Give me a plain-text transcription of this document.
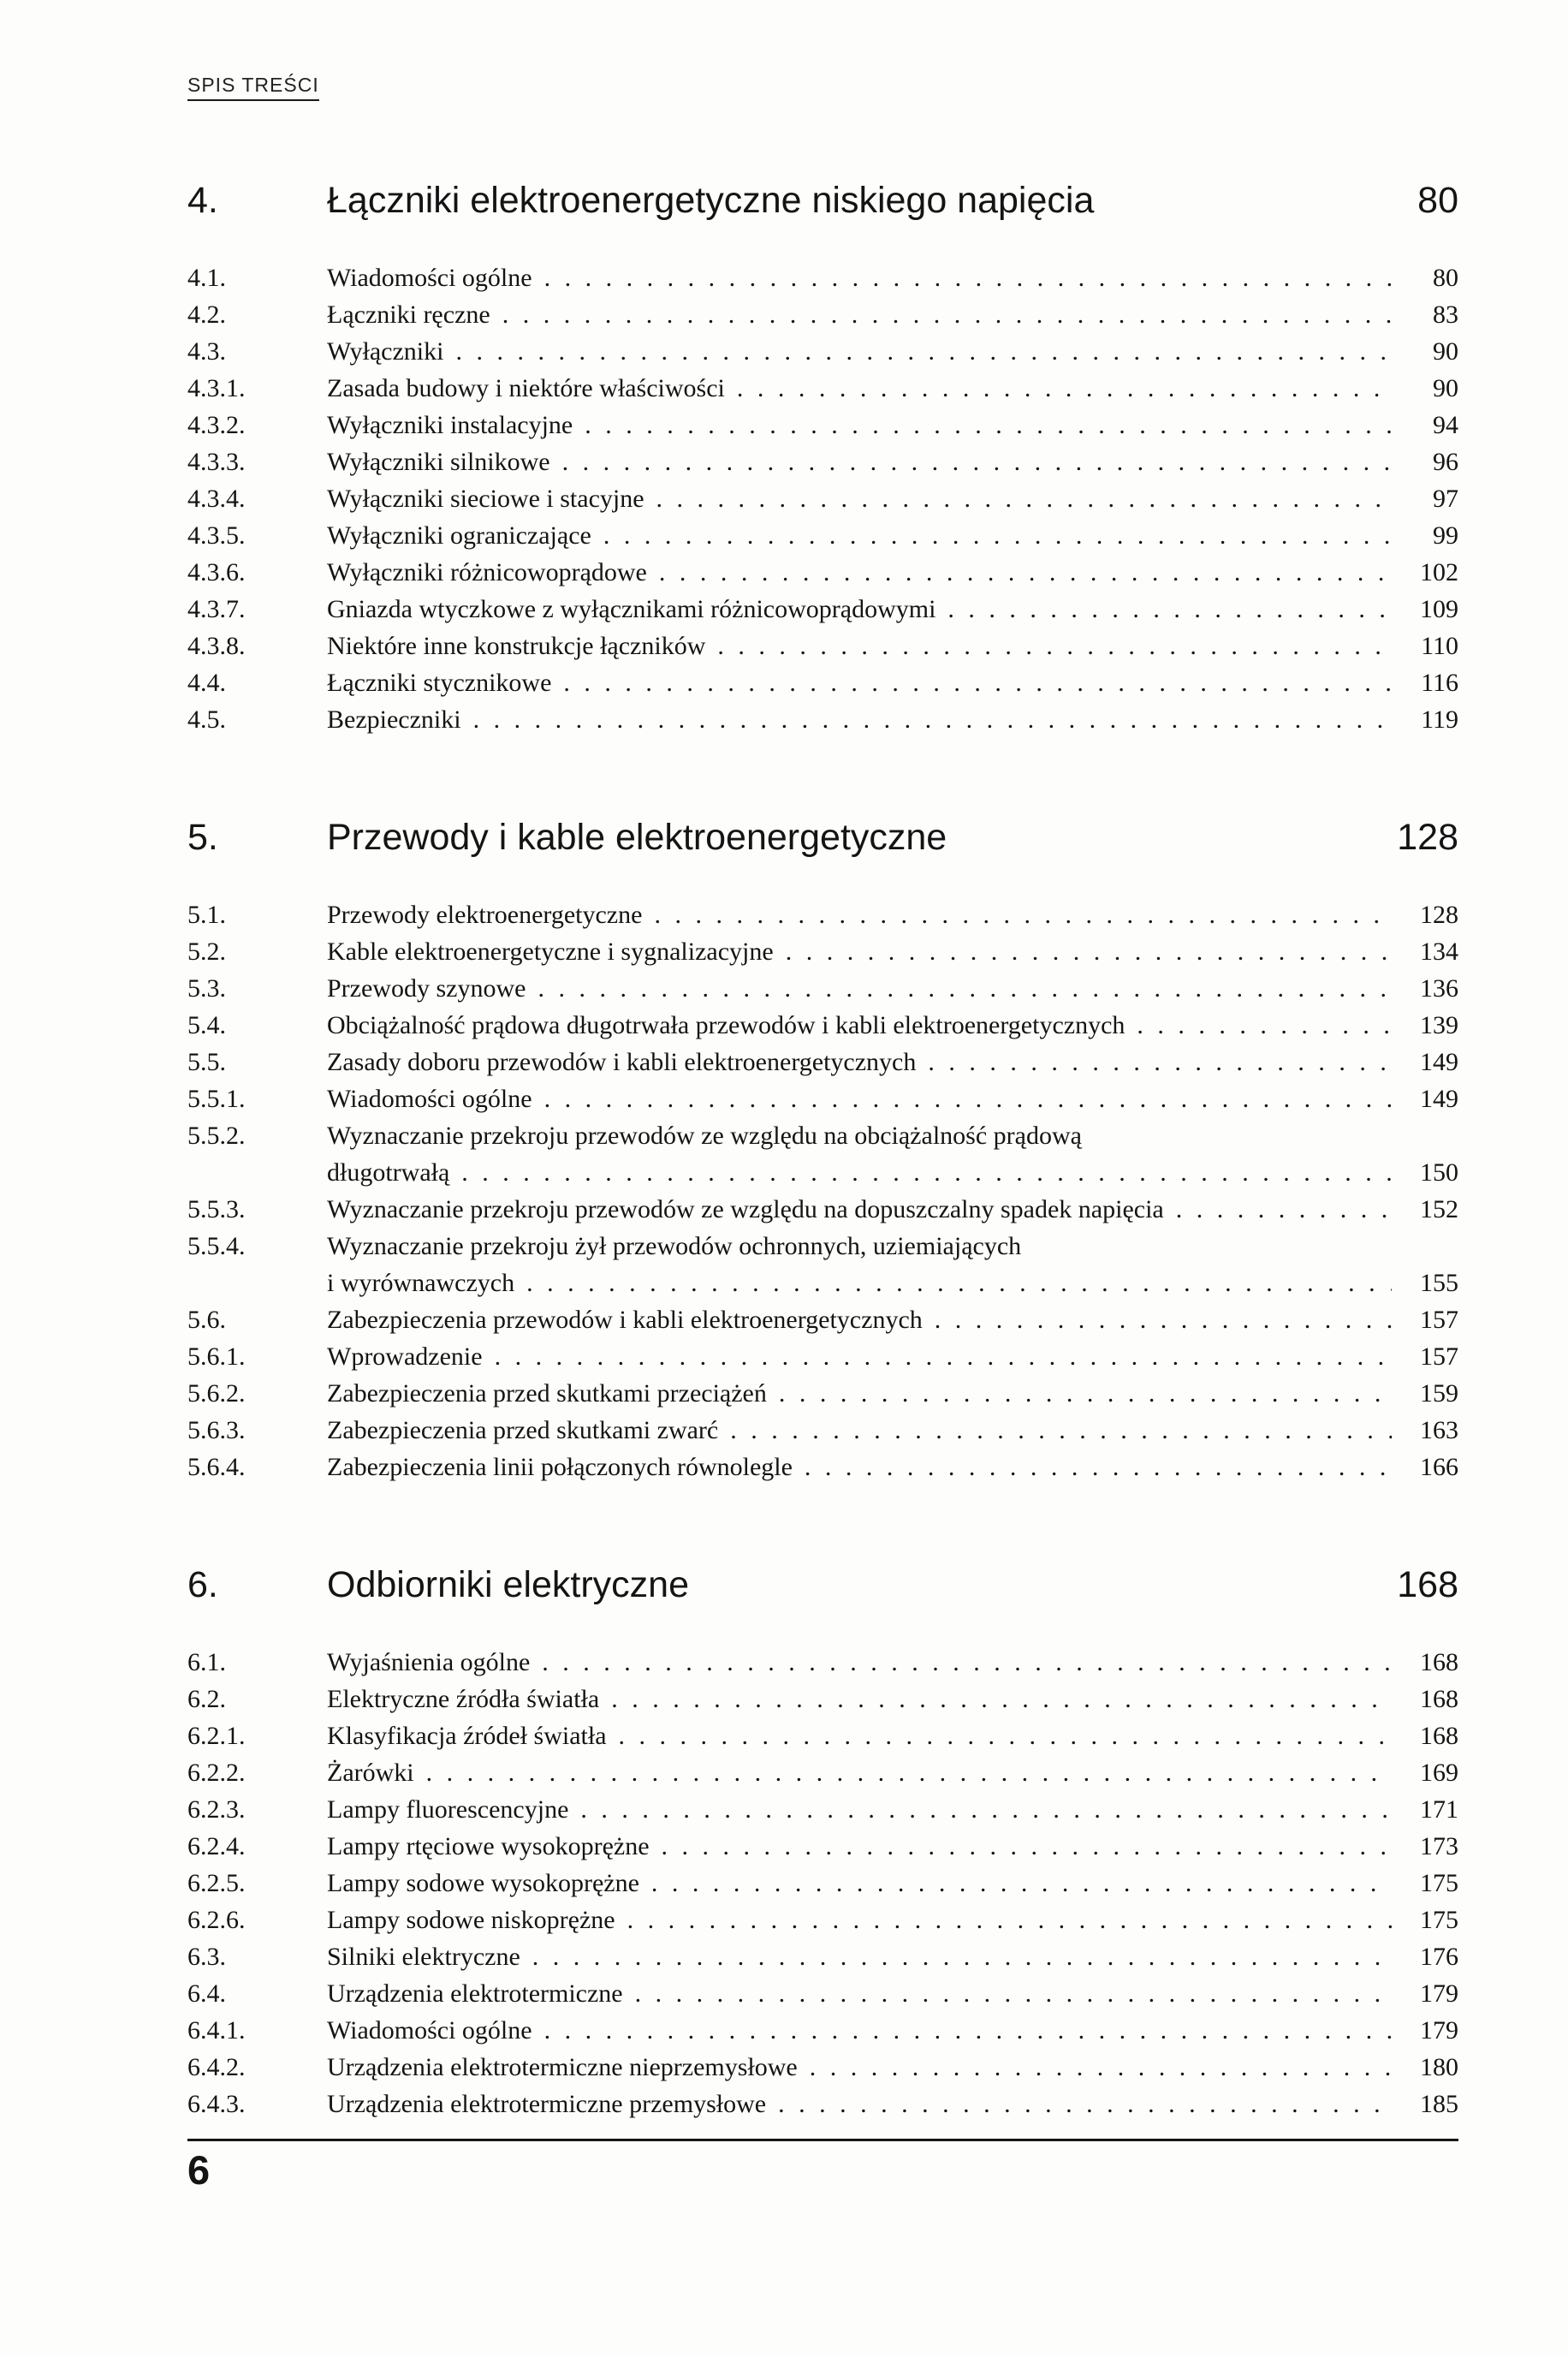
SPIS TREŚCI
4.	Łączniki elektroenergetyczne niskiego napięcia	80
4.1.	Wiadomości ogólne . . .	80
4.2.	Łączniki ręczne . . .	83
4.3.	Wyłączniki . . .	90
4.3.1.	Zasada budowy i niektóre właściwości . . .	90
4.3.2.	Wyłączniki instalacyjne . . .	94
4.3.3.	Wyłączniki silnikowe . . .	96
4.3.4.	Wyłączniki sieciowe i stacyjne . . .	97
4.3.5.	Wyłączniki ograniczające . . .	99
4.3.6.	Wyłączniki różnicowoprądowe . . .	102
4.3.7.	Gniazda wtyczkowe z wyłącznikami różnicowoprądowymi . . .	109
4.3.8.	Niektóre inne konstrukcje łączników . . .	110
4.4.	Łączniki stycznikowe . . .	116
4.5.	Bezpieczniki . . .	119
5.	Przewody i kable elektroenergetyczne	128
5.1.	Przewody elektroenergetyczne . . .	128
5.2.	Kable elektroenergetyczne i sygnalizacyjne . . .	134
5.3.	Przewody szynowe . . .	136
5.4.	Obciążalność prądowa długotrwała przewodów i kabli elektroenergetycznych . . .	139
5.5.	Zasady doboru przewodów i kabli elektroenergetycznych . . .	149
5.5.1.	Wiadomości ogólne . . .	149
5.5.2.	Wyznaczanie przekroju przewodów ze względu na obciążalność prądową
długotrwałą . . .	150
5.5.3.	Wyznaczanie przekroju przewodów ze względu na dopuszczalny spadek napięcia . . .	152
5.5.4.	Wyznaczanie przekroju żył przewodów ochronnych, uziemiających
i wyrównawczych . . .	155
5.6.	Zabezpieczenia przewodów i kabli elektroenergetycznych . . .	157
5.6.1.	Wprowadzenie . . .	157
5.6.2.	Zabezpieczenia przed skutkami przeciążeń . . .	159
5.6.3.	Zabezpieczenia przed skutkami zwarć . . .	163
5.6.4.	Zabezpieczenia linii połączonych równolegle . . .	166
6.	Odbiorniki elektryczne	168
6.1.	Wyjaśnienia ogólne . . .	168
6.2.	Elektryczne źródła światła . . .	168
6.2.1.	Klasyfikacja źródeł światła . . .	168
6.2.2.	Żarówki . . .	169
6.2.3.	Lampy fluorescencyjne . . .	171
6.2.4.	Lampy rtęciowe wysokoprężne . . .	173
6.2.5.	Lampy sodowe wysokoprężne . . .	175
6.2.6.	Lampy sodowe niskoprężne . . .	175
6.3.	Silniki elektryczne . . .	176
6.4.	Urządzenia elektrotermiczne . . .	179
6.4.1.	Wiadomości ogólne . . .	179
6.4.2.	Urządzenia elektrotermiczne nieprzemysłowe . . .	180
6.4.3.	Urządzenia elektrotermiczne przemysłowe . . .	185
6
